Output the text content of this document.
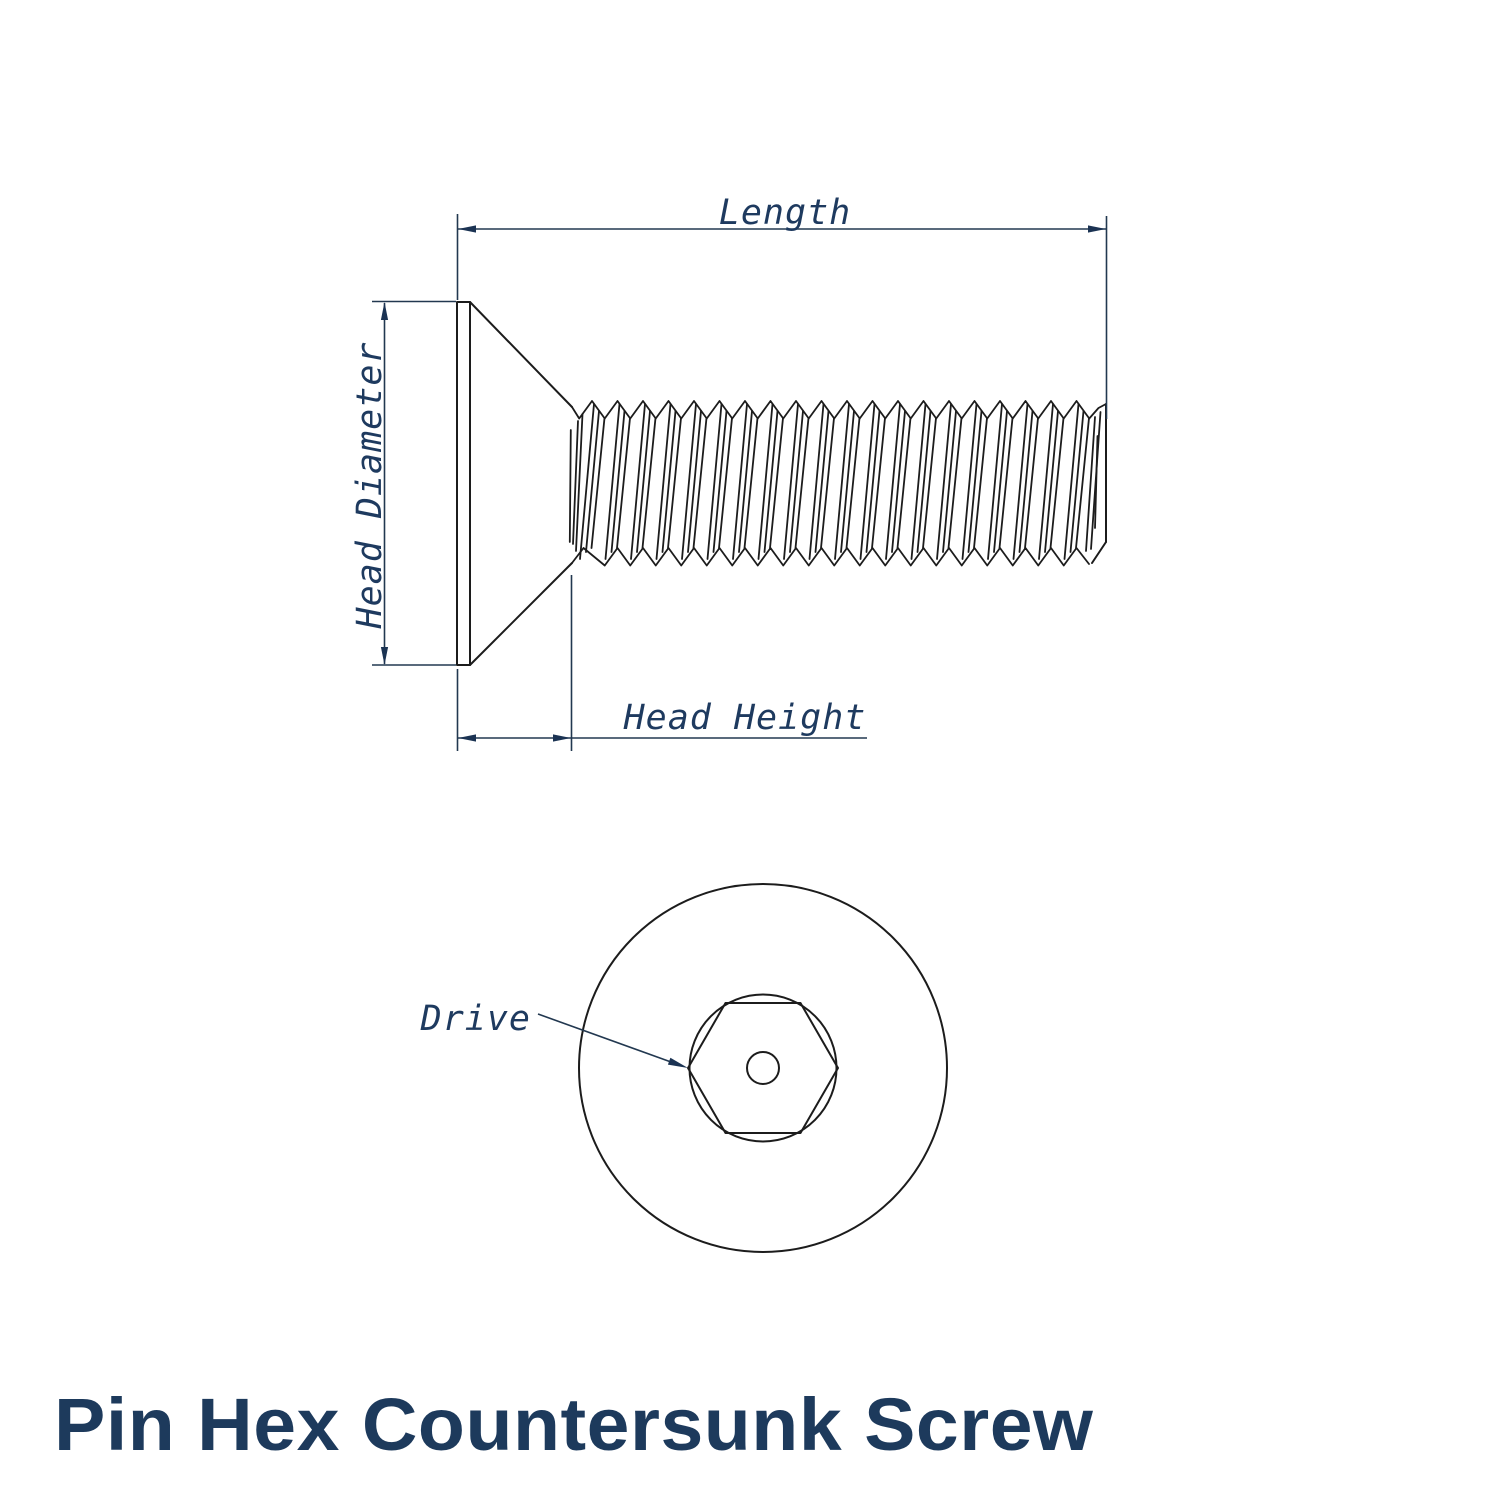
Length
Head Diameter
Head Height
Drive
Pin Hex Countersunk Screw
